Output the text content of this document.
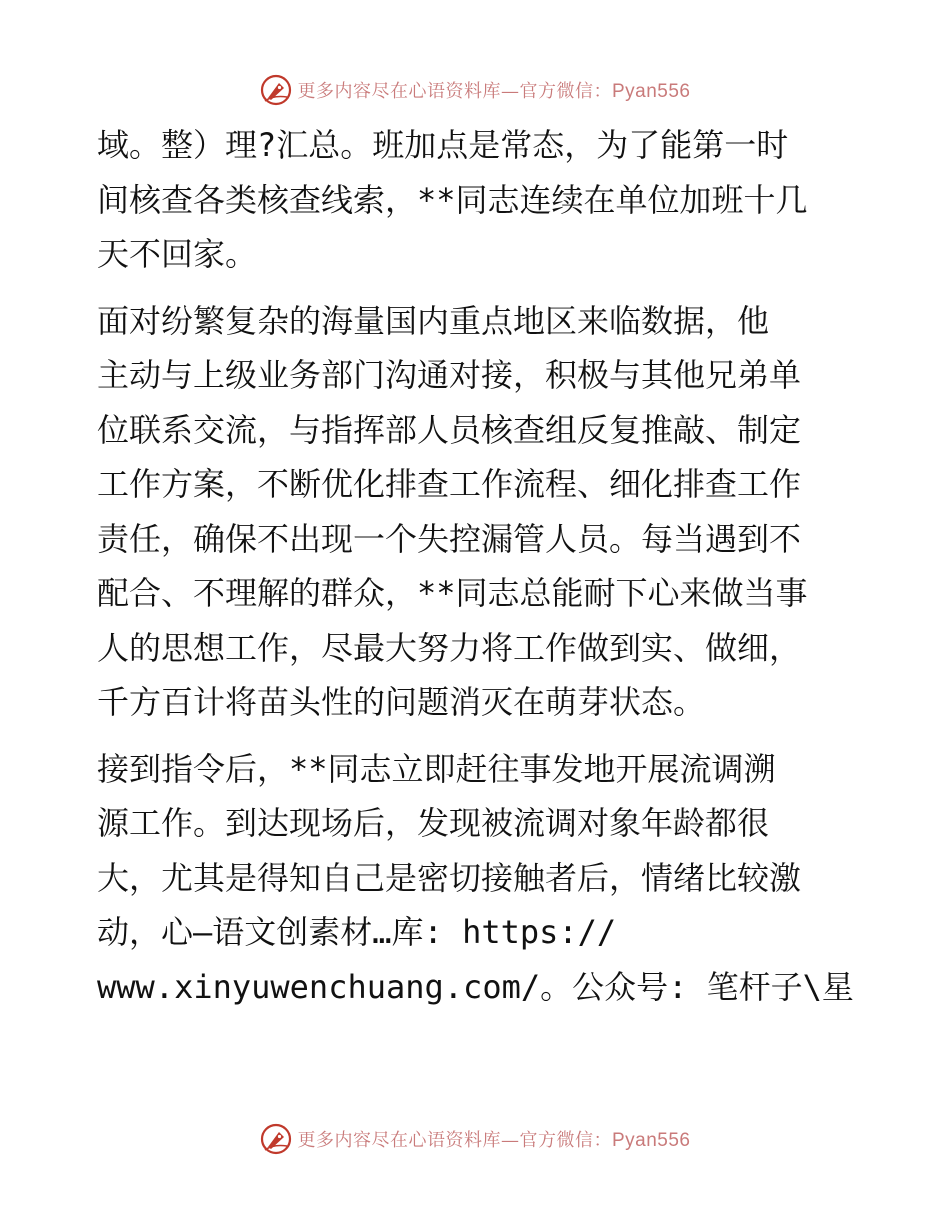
更多内容尽在心语资料库—官方微信：Pyan556
域。整）理?汇总。班加点是常态，为了能第一时
间核查各类核查线索，**同志连续在单位加班十几
天不回家。
面对纷繁复杂的海量国内重点地区来临数据，他
主动与上级业务部门沟通对接，积极与其他兄弟单
位联系交流，与指挥部人员核查组反复推敲、制定
工作方案，不断优化排查工作流程、细化排查工作
责任，确保不出现一个失控漏管人员。每当遇到不
配合、不理解的群众，**同志总能耐下心来做当事
人的思想工作，尽最大努力将工作做到实、做细，
千方百计将苗头性的问题消灭在萌芽状态。
接到指令后，**同志立即赶往事发地开展流调溯
源工作。到达现场后，发现被流调对象年龄都很
大，尤其是得知自己是密切接触者后，情绪比较激
动，心—语文创素材…库: https://
www.xinyuwenchuang.com/。公众号: 笔杆子\星
更多内容尽在心语资料库—官方微信：Pyan556
